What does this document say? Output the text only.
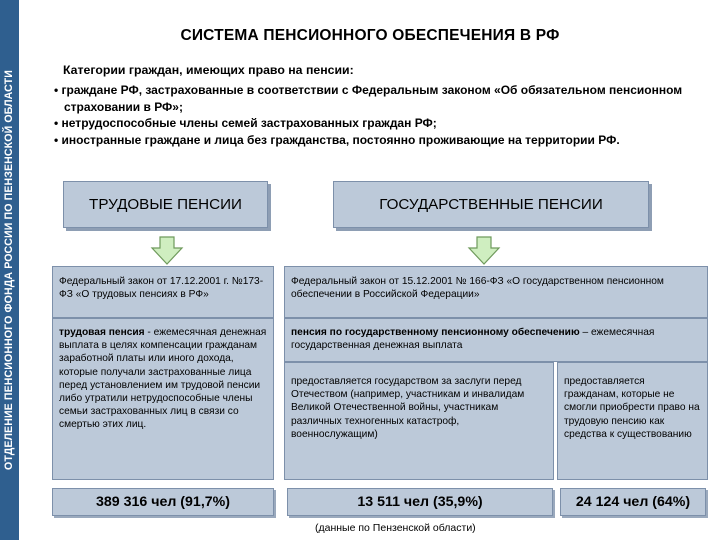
ОТДЕЛЕНИЕ ПЕНСИОННОГО ФОНДА РОССИИ ПО ПЕНЗЕНСКОЙ ОБЛАСТИ
СИСТЕМА ПЕНСИОННОГО ОБЕСПЕЧЕНИЯ В РФ
Категории граждан, имеющих право на пенсии:
• граждане РФ, застрахованные в соответствии с Федеральным законом «Об обязательном пенсионном страховании в РФ»;
• нетрудоспособные члены семей застрахованных граждан РФ;
• иностранные граждане и лица без гражданства, постоянно проживающие на территории РФ.
ТРУДОВЫЕ ПЕНСИИ	ГОСУДАРСТВЕННЫЕ ПЕНСИИ
Федеральный закон от 17.12.2001 г. №173-ФЗ «О трудовых пенсиях в РФ»
трудовая пенсия - ежемесячная денежная выплата в целях компенсации гражданам заработной платы или иного дохода, которые получали застрахованные лица перед установлением им трудовой пенсии либо утратили нетрудоспособные члены семьи застрахованных лиц в связи со смертью этих лиц.
Федеральный закон от 15.12.2001 № 166-ФЗ «О государственном пенсионном обеспечении в Российской Федерации»
пенсия по государственному пенсионному обеспечению – ежемесячная государственная денежная выплата
предоставляется государством за заслуги перед Отечеством (например, участникам и инвалидам Великой Отечественной войны, участникам различных техногенных катастроф, военнослужащим)
предоставляется гражданам, которые не смогли приобрести право на трудовую пенсию как средства к существованию
389 316 чел (91,7%)	13 511 чел (35,9%)	24 124 чел (64%)
(данные по Пензенской области)
